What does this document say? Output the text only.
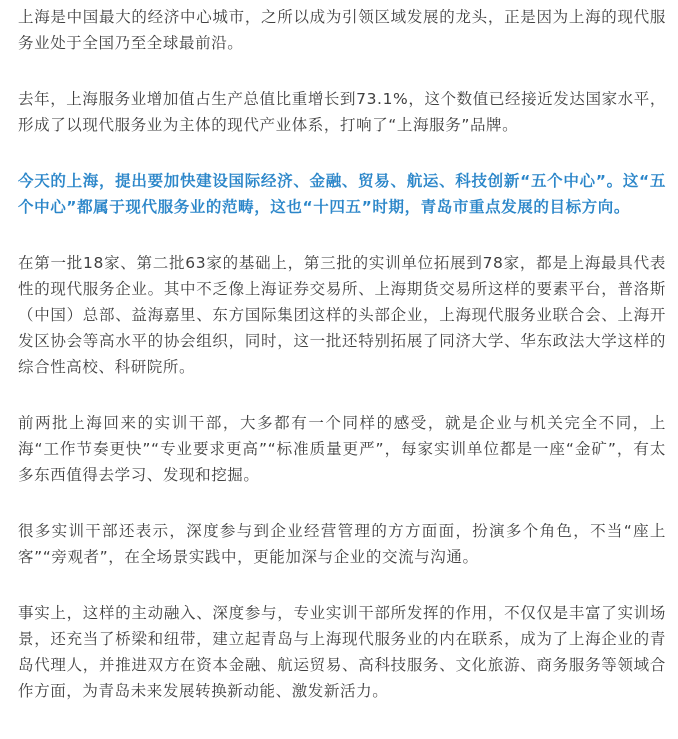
上海是中国最大的经济中心城市，之所以成为引领区域发展的龙头，正是因为上海的现代服务业处于全国乃至全球最前沿。

去年，上海服务业增加值占生产总值比重增长到73.1%，这个数值已经接近发达国家水平，形成了以现代服务业为主体的现代产业体系，打响了“上海服务”品牌。

今天的上海，提出要加快建设国际经济、金融、贸易、航运、科技创新“五个中心”。这“五个中心”都属于现代服务业的范畴，这也“十四五”时期，青岛市重点发展的目标方向。

在第一批18家、第二批63家的基础上，第三批的实训单位拓展到78家，都是上海最具代表性的现代服务企业。其中不乏像上海证券交易所、上海期货交易所这样的要素平台，普洛斯（中国）总部、益海嘉里、东方国际集团这样的头部企业，上海现代服务业联合会、上海开发区协会等高水平的协会组织，同时，这一批还特别拓展了同济大学、华东政法大学这样的综合性高校、科研院所。

前两批上海回来的实训干部，大多都有一个同样的感受，就是企业与机关完全不同，上海“工作节奏更快”“专业要求更高”“标准质量更严”，每家实训单位都是一座“金矿”，有太多东西值得去学习、发现和挖掘。

很多实训干部还表示，深度参与到企业经营管理的方方面面，扮演多个角色，不当“座上客”“旁观者”，在全场景实践中，更能加深与企业的交流与沟通。

事实上，这样的主动融入、深度参与，专业实训干部所发挥的作用，不仅仅是丰富了实训场景，还充当了桥梁和纽带，建立起青岛与上海现代服务业的内在联系，成为了上海企业的青岛代理人，并推进双方在资本金融、航运贸易、高科技服务、文化旅游、商务服务等领域合作方面，为青岛未来发展转换新动能、激发新活力。
